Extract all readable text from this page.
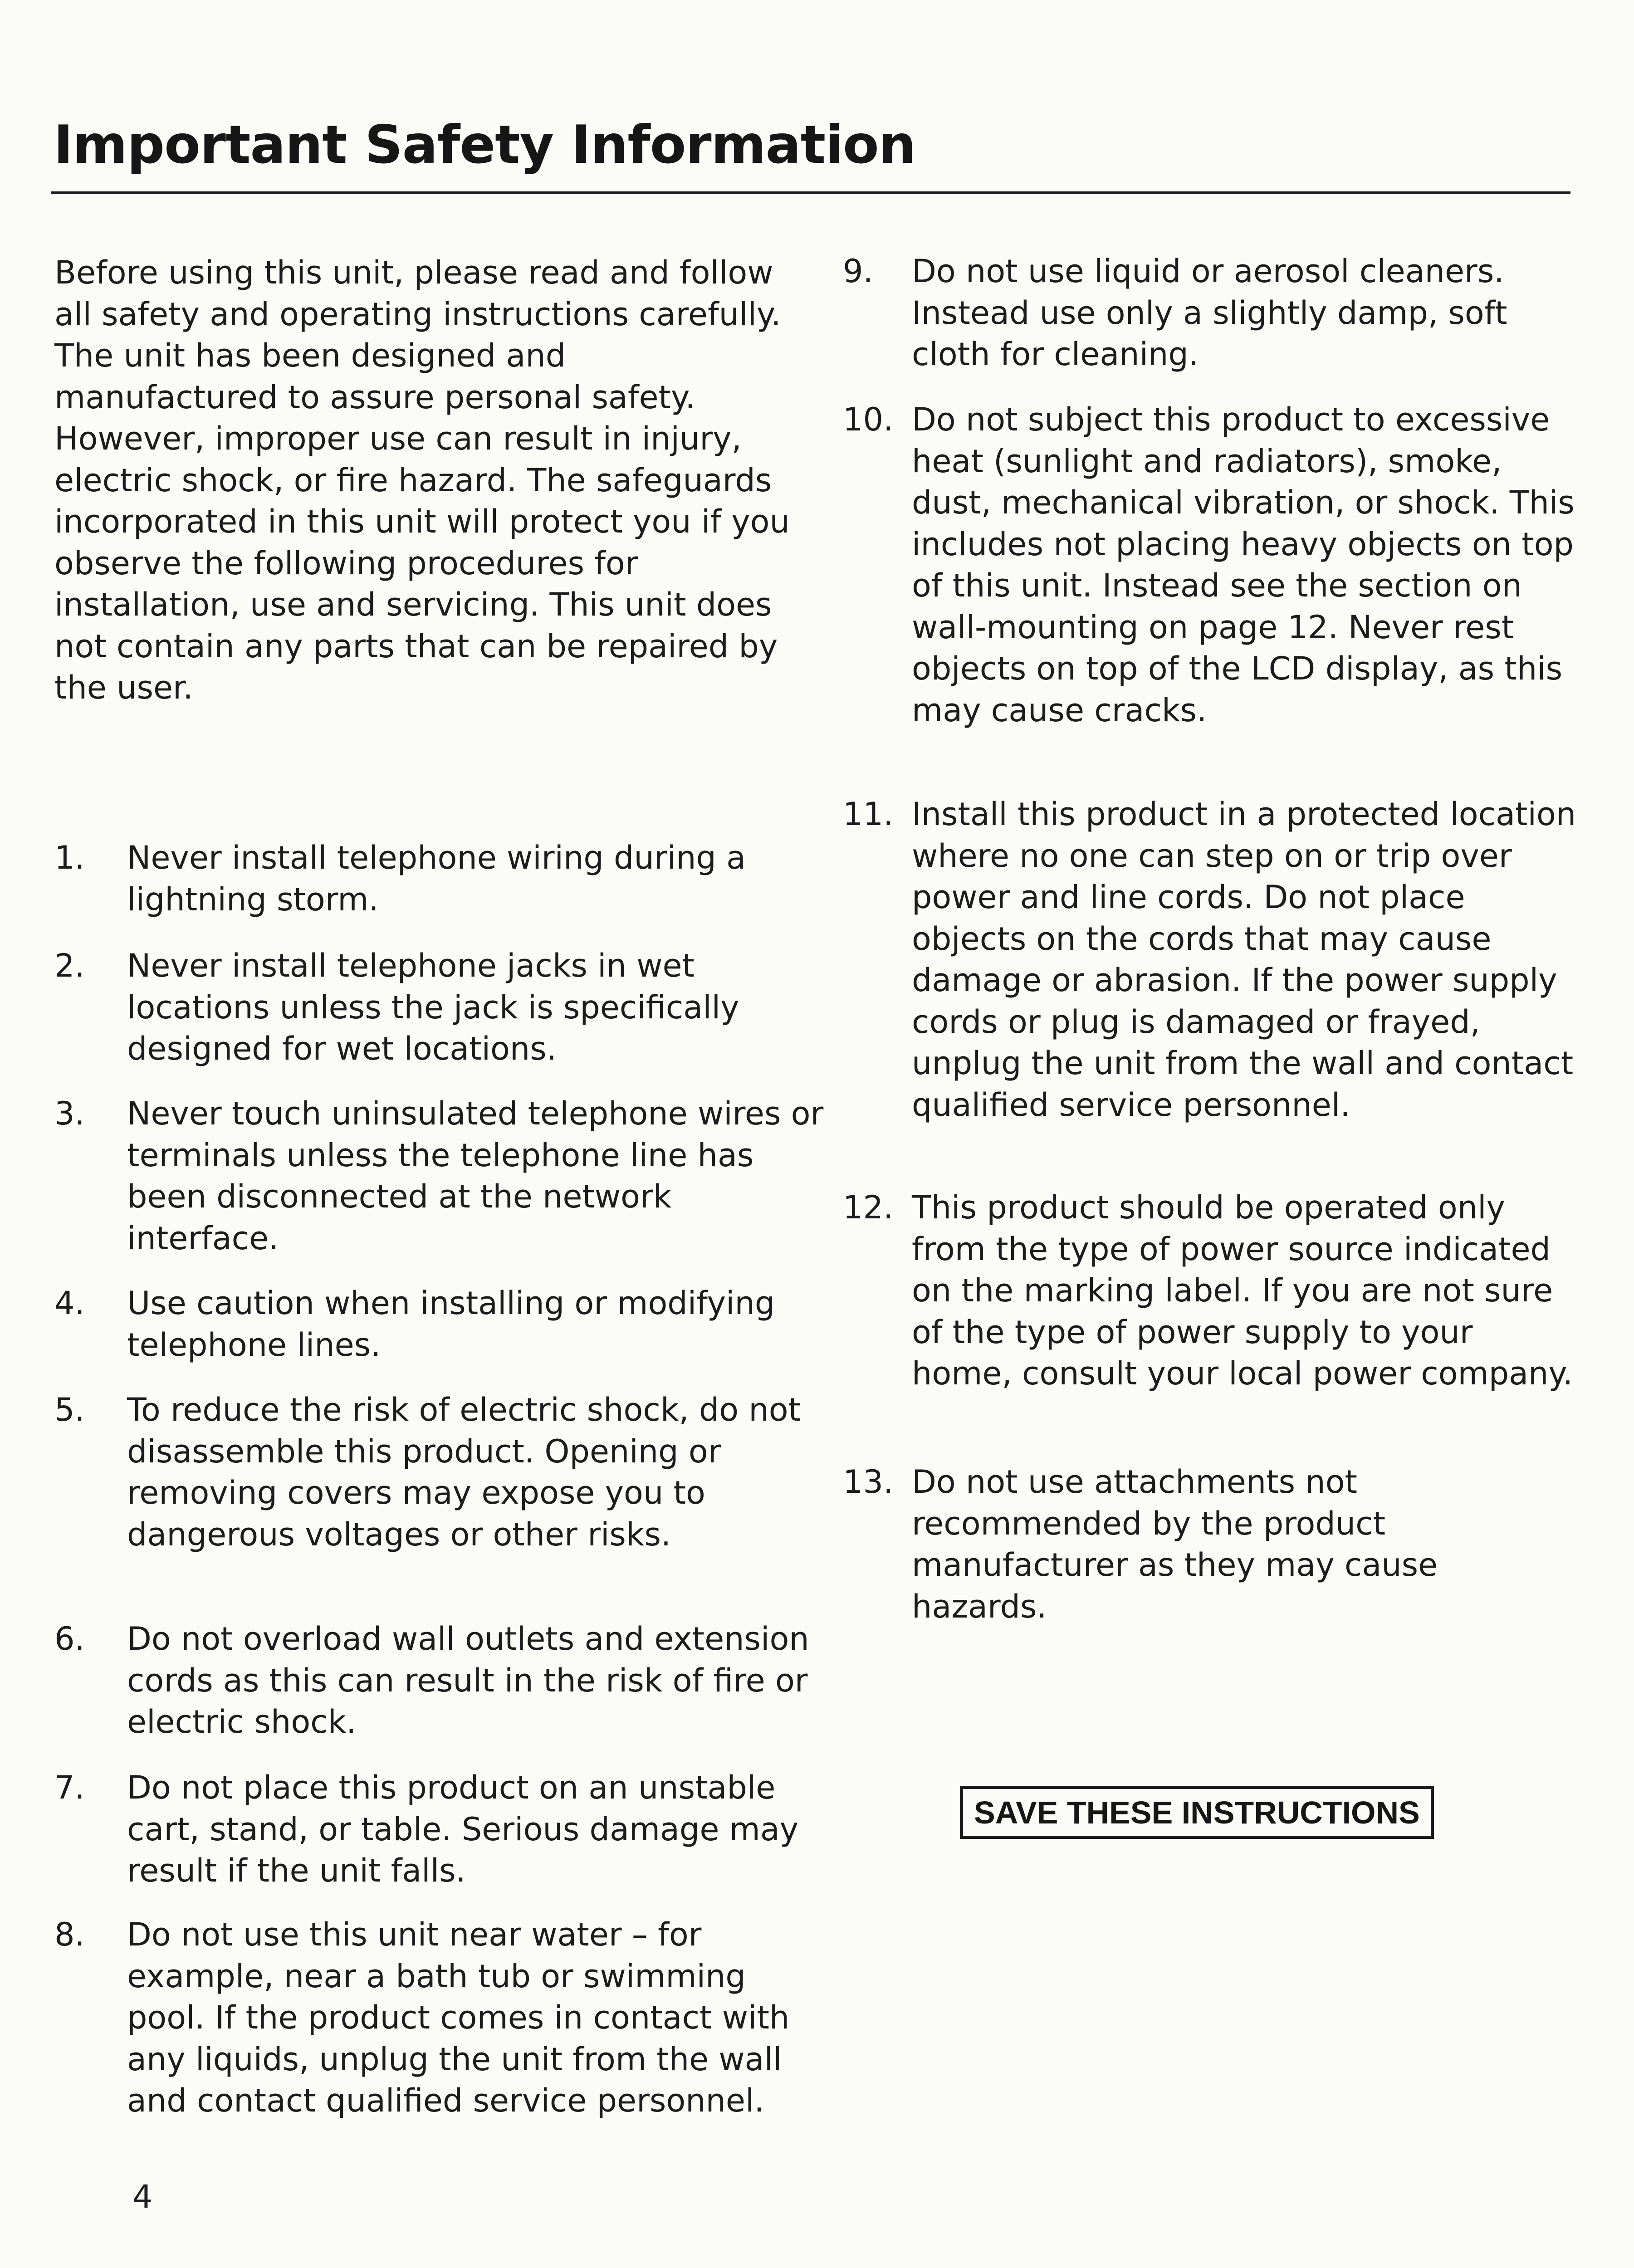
Important Safety Information

Before using this unit, please read and follow all safety and operating instructions carefully. The unit has been designed and manufactured to assure personal safety. However, improper use can result in injury, electric shock, or fire hazard. The safeguards incorporated in this unit will protect you if you observe the following procedures for installation, use and servicing. This unit does not contain any parts that can be repaired by the user.

1.	Never install telephone wiring during a lightning storm.
2.	Never install telephone jacks in wet locations unless the jack is specifically designed for wet locations.
3.	Never touch uninsulated telephone wires or terminals unless the telephone line has been disconnected at the network interface.
4.	Use caution when installing or modifying telephone lines.
5.	To reduce the risk of electric shock, do not disassemble this product. Opening or removing covers may expose you to dangerous voltages or other risks.
6.	Do not overload wall outlets and extension cords as this can result in the risk of fire or electric shock.
7.	Do not place this product on an unstable cart, stand, or table. Serious damage may result if the unit falls.
8.	Do not use this unit near water – for example, near a bath tub or swimming pool. If the product comes in contact with any liquids, unplug the unit from the wall and contact qualified service personnel.
9.	Do not use liquid or aerosol cleaners. Instead use only a slightly damp, soft cloth for cleaning.
10. Do not subject this product to excessive heat (sunlight and radiators), smoke, dust, mechanical vibration, or shock. This includes not placing heavy objects on top of this unit. Instead see the section on wall-mounting on page 12. Never rest objects on top of the LCD display, as this may cause cracks.
11. Install this product in a protected location where no one can step on or trip over power and line cords. Do not place objects on the cords that may cause damage or abrasion. If the power supply cords or plug is damaged or frayed, unplug the unit from the wall and contact qualified service personnel.
12. This product should be operated only from the type of power source indicated on the marking label. If you are not sure of the type of power supply to your home, consult your local power company.
13. Do not use attachments not recommended by the product manufacturer as they may cause hazards.
SAVE THESE INSTRUCTIONS
4
